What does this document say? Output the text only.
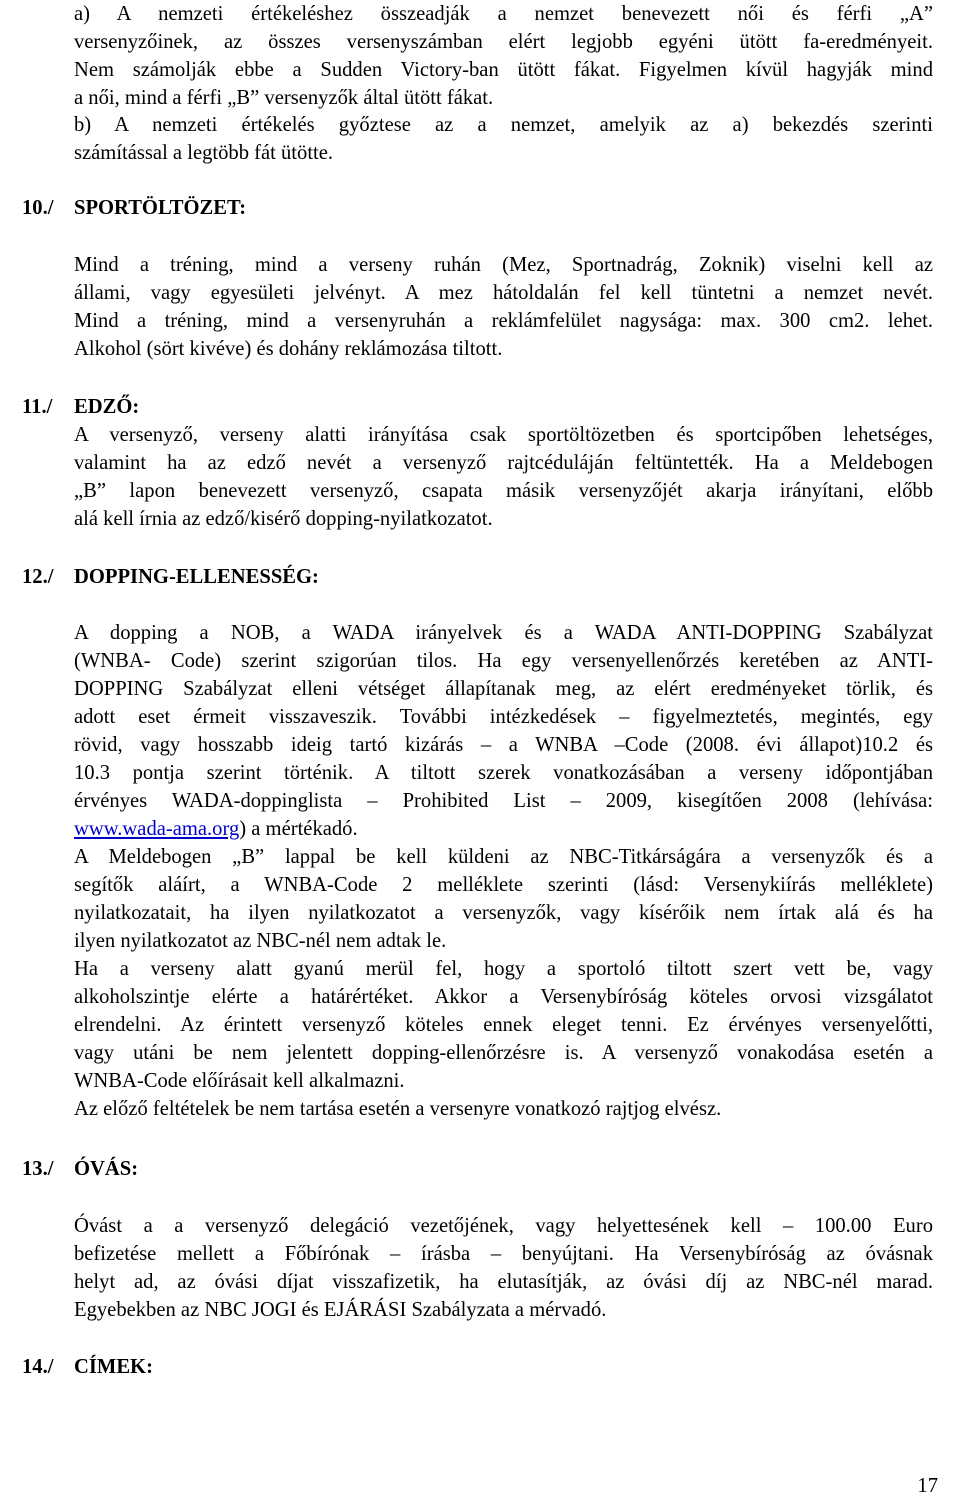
a) A nemzeti értékeléshez összeadják a nemzet benevezett női és férfi „A”
versenyzőinek, az összes versenyszámban elért legjobb egyéni ütött fa-eredményeit.
Nem számolják ebbe a Sudden Victory-ban ütött fákat. Figyelmen kívül hagyják mind
a női, mind a férfi „B” versenyzők által ütött fákat.
b) A nemzeti értékelés győztese az a nemzet, amelyik az a) bekezdés szerinti
számítással a legtöbb fát ütötte.
10./ SPORTÖLTÖZET:
Mind a tréning, mind a verseny ruhán (Mez, Sportnadrág, Zoknik) viselni kell az
állami, vagy egyesületi jelvényt. A mez hátoldalán fel kell tüntetni a nemzet nevét.
Mind a tréning, mind a versenyruhán a reklámfelület nagysága: max. 300 cm2. lehet.
Alkohol (sört kivéve) és dohány reklámozása tiltott.
11./ EDZŐ:
A versenyző, verseny alatti irányítása csak sportöltözetben és sportcipőben lehetséges,
valamint ha az edző nevét a versenyző rajtcéduláján feltüntették. Ha a Meldebogen
„B” lapon benevezett versenyző, csapata másik versenyzőjét akarja irányítani, előbb
alá kell írnia az edző/kisérő dopping-nyilatkozatot.
12./ DOPPING-ELLENESSÉG:
A dopping a NOB, a WADA irányelvek és a WADA ANTI-DOPPING Szabályzat
(WNBA- Code) szerint szigorúan tilos. Ha egy versenyellenőrzés keretében az ANTI-
DOPPING Szabályzat elleni vétséget állapítanak meg, az elért eredményeket törlik, és
adott eset érmeit visszaveszik. További intézkedések – figyelmeztetés, megintés, egy
rövid, vagy hosszabb ideig tartó kizárás – a WNBA –Code (2008. évi állapot)10.2 és
10.3 pontja szerint történik. A tiltott szerek vonatkozásában a verseny időpontjában
érvényes WADA-doppinglista – Prohibited List – 2009, kisegítően 2008 (lehívása:
www.wada-ama.org) a mértékadó.
A Meldebogen „B” lappal be kell küldeni az NBC-Titkárságára a versenyzők és a
segítők aláírt, a WNBA-Code 2 melléklete szerinti (lásd: Versenykiírás melléklete)
nyilatkozatait, ha ilyen nyilatkozatot a versenyzők, vagy kísérőik nem írtak alá és ha
ilyen nyilatkozatot az NBC-nél nem adtak le.
Ha a verseny alatt gyanú merül fel, hogy a sportoló tiltott szert vett be, vagy
alkoholszintje elérte a határértéket. Akkor a Versenybíróság köteles orvosi vizsgálatot
elrendelni. Az érintett versenyző köteles ennek eleget tenni. Ez érvényes versenyelőtti,
vagy utáni be nem jelentett dopping-ellenőrzésre is. A versenyző vonakodása esetén a
WNBA-Code előírásait kell alkalmazni.
Az előző feltételek be nem tartása esetén a versenyre vonatkozó rajtjog elvész.
13./ ÓVÁS:
Óvást a a versenyző delegáció vezetőjének, vagy helyettesének kell – 100.00 Euro
befizetése mellett a Főbírónak – írásba – benyújtani. Ha Versenybíróság az óvásnak
helyt ad, az óvási díjat visszafizetik, ha elutasítják, az óvási díj az NBC-nél marad.
Egyebekben az NBC JOGI és EJÁRÁSI Szabályzata a mérvadó.
14./ CÍMEK:
17
